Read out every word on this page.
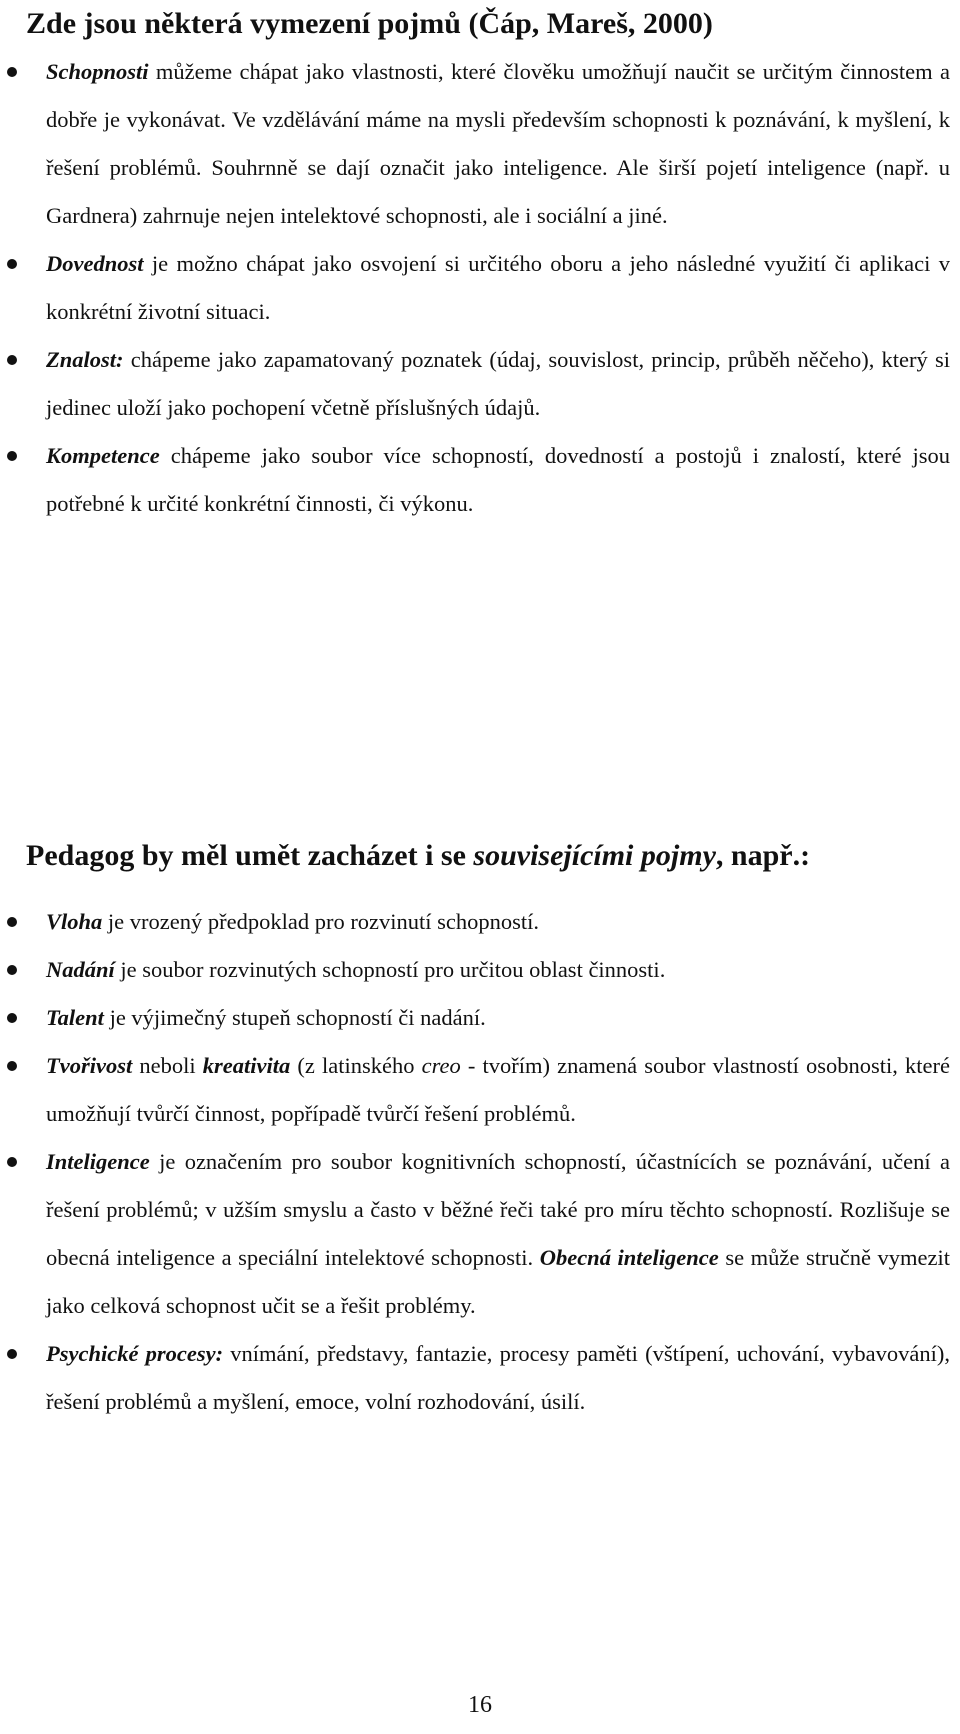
Zde jsou některá vymezení pojmů (Čáp, Mareš, 2000)
Schopnosti můžeme chápat jako vlastnosti, které člověku umožňují naučit se určitým činnostem a dobře je vykonávat. Ve vzdělávání máme na mysli především schopnosti k poznávání, k myšlení, k řešení problémů. Souhrnně se dají označit jako inteligence. Ale širší pojetí inteligence (např. u Gardnera) zahrnuje nejen intelektové schopnosti, ale i sociální a jiné.
Dovednost je možno chápat jako osvojení si určitého oboru a jeho následné využití či aplikaci v konkrétní životní situaci.
Znalost: chápeme jako zapamatovaný poznatek (údaj, souvislost, princip, průběh něčeho), který si jedinec uloží jako pochopení včetně příslušných údajů.
Kompetence chápeme jako soubor více schopností, dovedností a postojů i znalostí, které jsou potřebné k určité konkrétní činnosti, či výkonu.
Pedagog by měl umět zacházet i se souvisejícími pojmy, např.:
Vloha je vrozený předpoklad pro rozvinutí schopností.
Nadání je soubor rozvinutých schopností pro určitou oblast činnosti.
Talent je výjimečný stupeň schopností či nadání.
Tvořivost neboli kreativita (z latinského creo - tvořím) znamená soubor vlastností osobnosti, které umožňují tvůrčí činnost, popřípadě tvůrčí řešení problémů.
Inteligence je označením pro soubor kognitivních schopností, účastnících se poznávání, učení a řešení problémů; v užším smyslu a často v běžné řeči také pro míru těchto schopností. Rozlišuje se obecná inteligence a speciální intelektové schopnosti. Obecná inteligence se může stručně vymezit jako celková schopnost učit se a řešit problémy.
Psychické procesy: vnímání, představy, fantazie, procesy paměti (vštípení, uchování, vybavování), řešení problémů a myšlení, emoce, volní rozhodování, úsilí.
16
